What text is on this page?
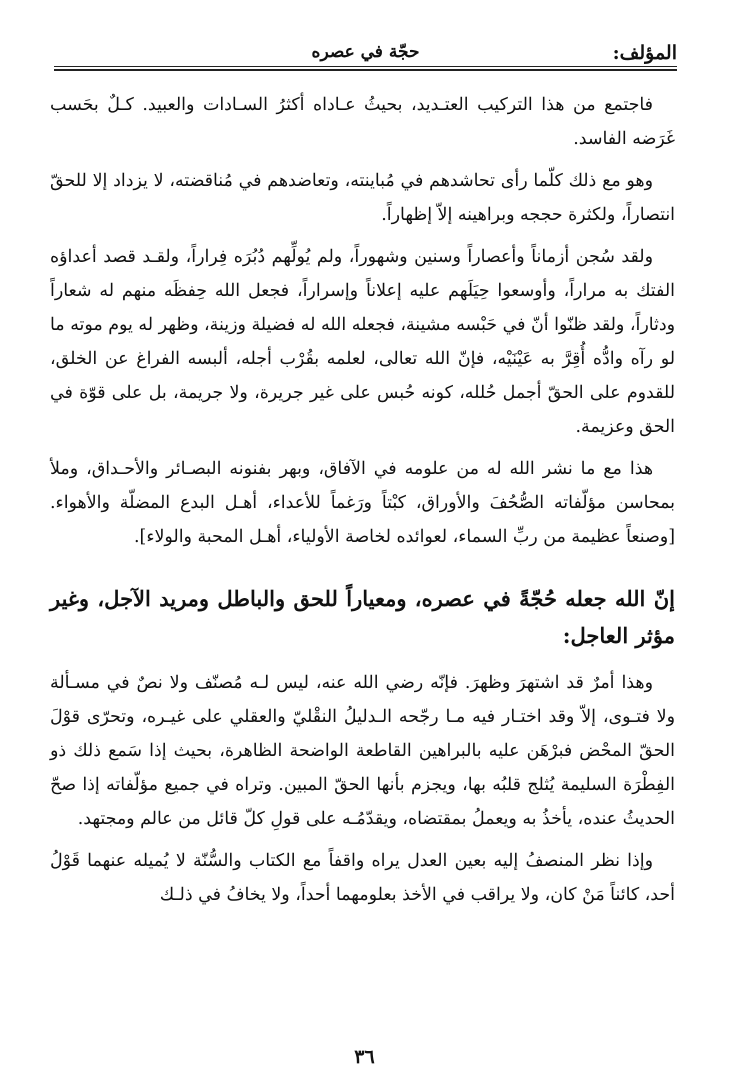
المؤلف:
حجّة في عصره

فاجتمع من هذا التركيب العتـديد، بحيثُ عـاداه أكثرُ السـادات والعبيد. كـلٌ بحَسب غَرَضه الفاسد.

وهو مع ذلك كلّما رأى تحاشدهم في مُباينته، وتعاضدهم في مُناقضته، لا يزداد إلا للحقّ انتصاراً، ولكثرة حججه وبراهينه إلاّ إظهاراً.

ولقد سُجن أزماناً وأعصاراً وسنين وشهوراً، ولم يُولِّهم دُبُرَه فِراراً، ولقـد قصد أعداؤه الفتك به مراراً، وأوسعوا حِيَلَهم عليه إعلاناً وإسراراً، فجعل الله حِفظَه منهم له شعاراً ودثاراً، ولقد ظنّوا أنّ في حَبْسه مشينة، فجعله الله له فضيلة وزينة، وظهر له يوم موته ما لو رآه وادُّه أُقِرَّ به عَيْنَيْه، فإنّ الله تعالى، لعلمه بقُرْب أجله، ألبسه الفراغ عن الخلق، للقدوم على الحقّ أجمل حُلله، كونه حُبس على غير جريرة، ولا جريمة، بل على قوّة في الحق وعزيمة.

هذا مع ما نشر الله له من علومه في الآفاق، وبهر بفنونه البصـائر والأحـداق، وملأ بمحاسن مؤلّفاته الصُّحُفَ والأوراق، كبْتاً ورَغماً للأعداء، أهـل البدع المضلّة والأهواء. [وصنعاً عظيمة من ربِّ السماء، لعوائده لخاصة الأولياء، أهـل المحبة والولاء].

إنّ الله جعله حُجّةً في عصره، ومعياراً للحق والباطل ومريد الآجل، وغير مؤثر العاجل:

وهذا أمرٌ قد اشتهرَ وظهرَ. فإنّه رضي الله عنه، ليس لـه مُصنّف ولا نصٌ في مسـألة ولا فتـوى، إلاّ وقد اختـار فيه مـا رجّحه الـدليلُ النقْليّ والعقلي على غيـره، وتحرّى قوْلَ الحقّ المحْض فبرْهَن عليه بالبراهين القاطعة الواضحة الظاهرة، بحيث إذا سَمع ذلك ذو الفِطْرَة السليمة يُثلج قلبُه بها، ويجزم بأنها الحقّ المبين. وتراه في جميع مؤلّفاته إذا صحّ الحديثُ عنده، يأخذُ به ويعملُ بمقتضاه، ويقدّمُـه على قولِ كلّ قائل من عالم ومجتهد.

وإذا نظر المنصفُ إليه بعين العدل يراه واقفاً مع الكتاب والسُّنّة لا يُميله عنهما قَوْلُ أحد، كائناً مَنْ كان، ولا يراقب في الأخذ بعلومهما أحداً، ولا يخافُ في ذلـك

٣٦
